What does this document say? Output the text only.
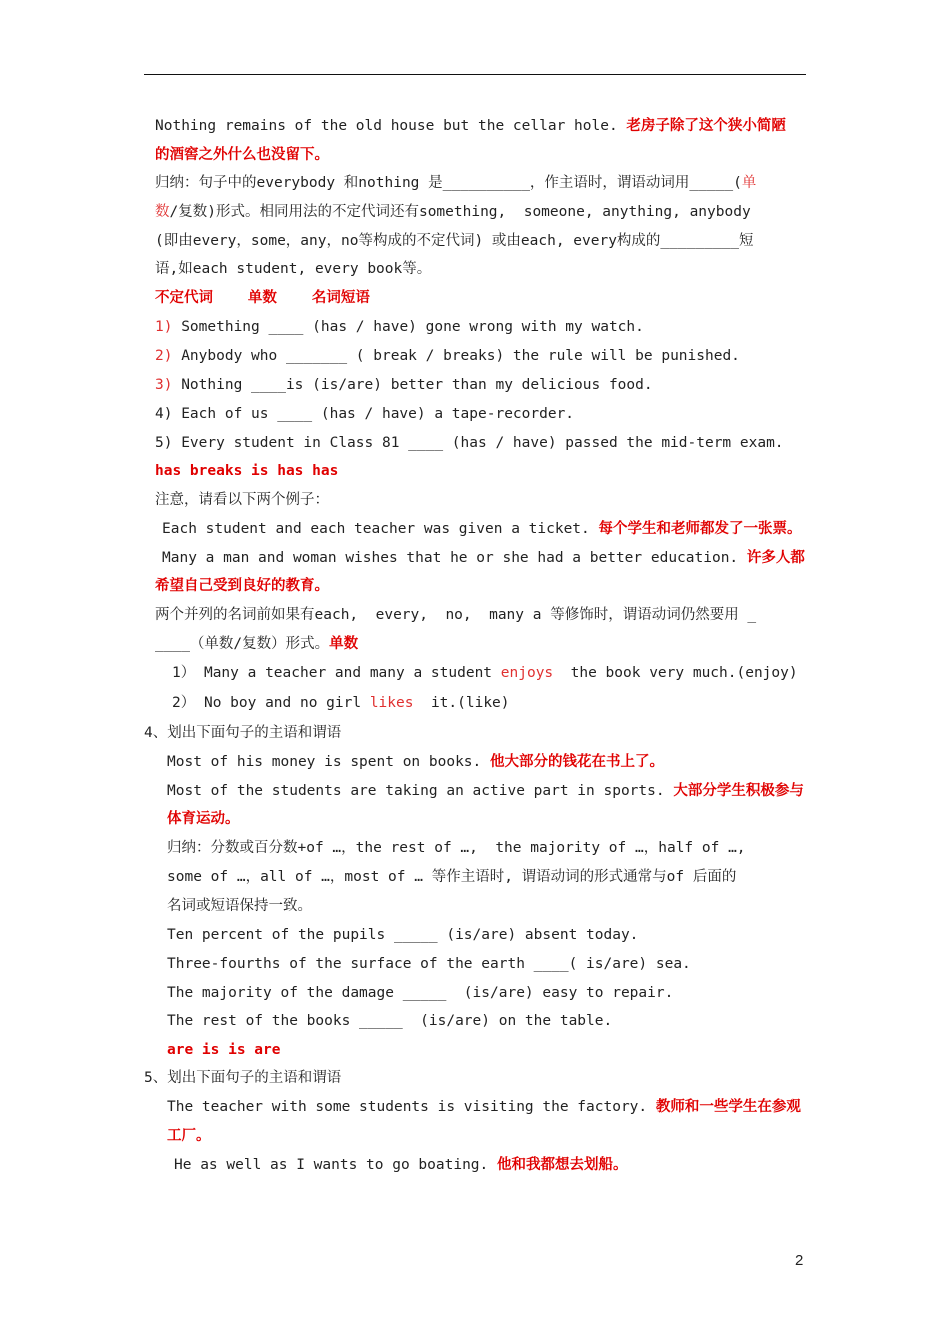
Nothing remains of the old house but the cellar hole. 老房子除了这个狭小简陋
的酒窖之外什么也没留下。
归纳：句子中的everybody 和nothing 是__________，作主语时，谓语动词用_____(单
数/复数)形式。相同用法的不定代词还有something,  someone, anything, anybody
(即由every，some，any，no等构成的不定代词) 或由each, every构成的_________短
语,如each student, every book等。
不定代词    单数    名词短语
1) Something ____ (has / have) gone wrong with my watch.
2) Anybody who _______ ( break / breaks) the rule will be punished.
3) Nothing ____is (is/are) better than my delicious food.
4) Each of us ____ (has / have) a tape-recorder.
5) Every student in Class 81 ____ (has / have) passed the mid-term exam.
has breaks is has has
注意，请看以下两个例子：
Each student and each teacher was given a ticket. 每个学生和老师都发了一张票。
Many a man and woman wishes that he or she had a better education. 许多人都
希望自己受到良好的教育。
两个并列的名词前如果有each,  every,  no,  many a 等修饰时，谓语动词仍然要用 _
____（单数/复数）形式。单数
1） Many a teacher and many a student enjoys  the book very much.(enjoy)
2） No boy and no girl likes  it.(like)
4、划出下面句子的主语和谓语
Most of his money is spent on books. 他大部分的钱花在书上了。
Most of the students are taking an active part in sports. 大部分学生积极参与
体育运动。
归纳：分数或百分数+of …，the rest of …,  the majority of …，half of …,
some of …，all of …，most of … 等作主语时, 谓语动词的形式通常与of 后面的
名词或短语保持一致。
Ten percent of the pupils _____ (is/are) absent today.
Three-fourths of the surface of the earth ____( is/are) sea.
The majority of the damage _____  (is/are) easy to repair.
The rest of the books _____  (is/are) on the table.
are is is are
5、划出下面句子的主语和谓语
The teacher with some students is visiting the factory. 教师和一些学生在参观
工厂。
He as well as I wants to go boating. 他和我都想去划船。
2
